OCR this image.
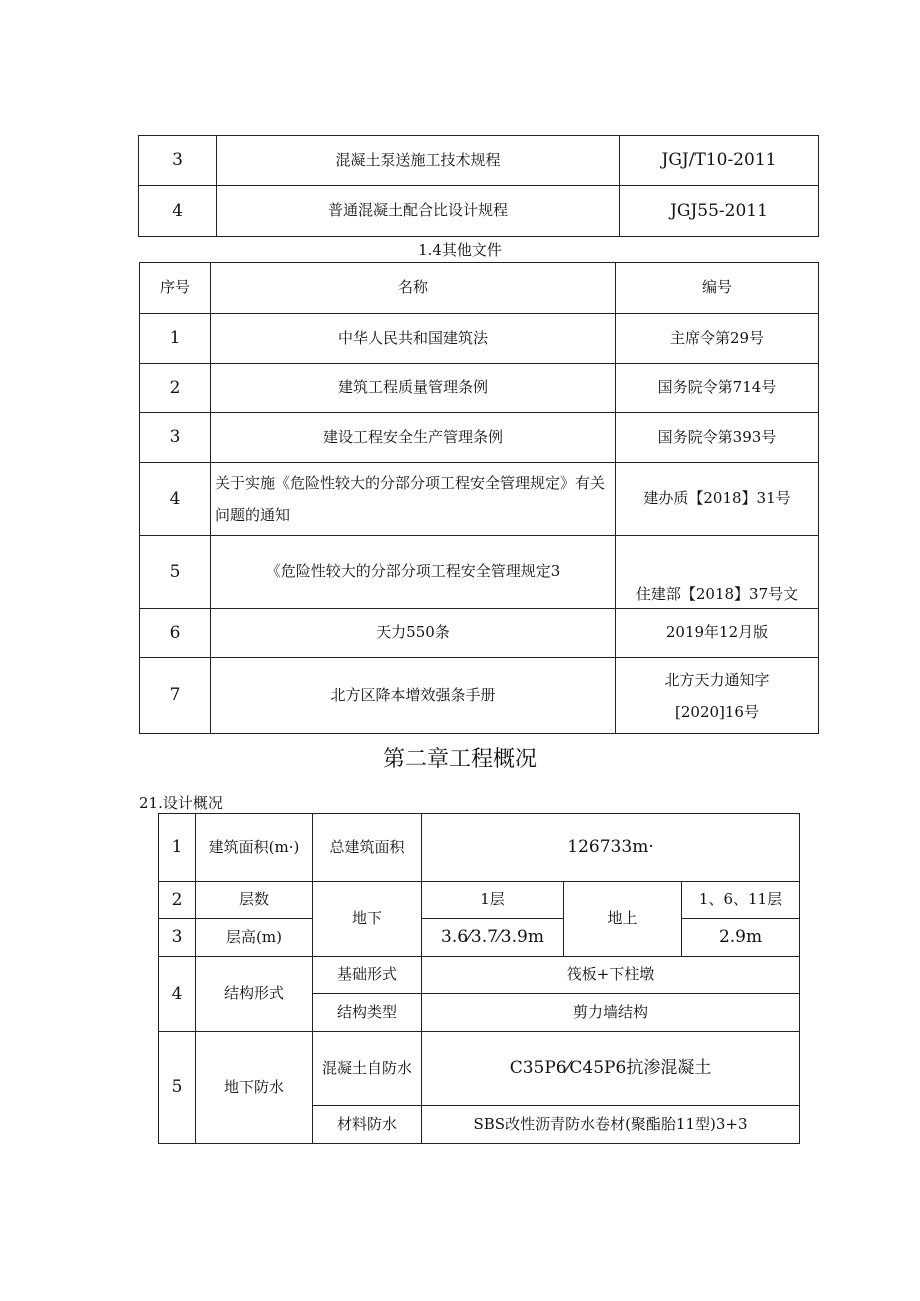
3	混凝土泵送施工技术规程	JGJ/T10-2011
4	普通混凝土配合比设计规程	JGJ55-2011
1.4其他文件
序号	名称	编号
1	中华人民共和国建筑法	主席令第29号
2	建筑工程质量管理条例	国务院令第714号
3	建设工程安全生产管理条例	国务院令第393号
4	关于实施《危险性较大的分部分项工程安全管理规定》有关问题的通知	建办质【2018】31号
5	《危险性较大的分部分项工程安全管理规定3	住建部【2018】37号文
6	天力550条	2019年12月版
7	北方区降本增效强条手册	北方天力通知字[2020]16号
第二章工程概况
21.设计概况
1	建筑面积(m·)	总建筑面积	126733m·		
2	层数	地下	1层	地上	1、6、11层
3	层高(m)		3.6⁄3.7⁄3.9m		2.9m
4	结构形式	基础形式	筏板+下柱墩		
		结构类型	剪力墙结构		
5	地下防水	混凝土自防水	C35P6⁄C45P6抗渗混凝土		
		材料防水	SBS改性沥青防水卷材(聚酯胎11型)3+3		
